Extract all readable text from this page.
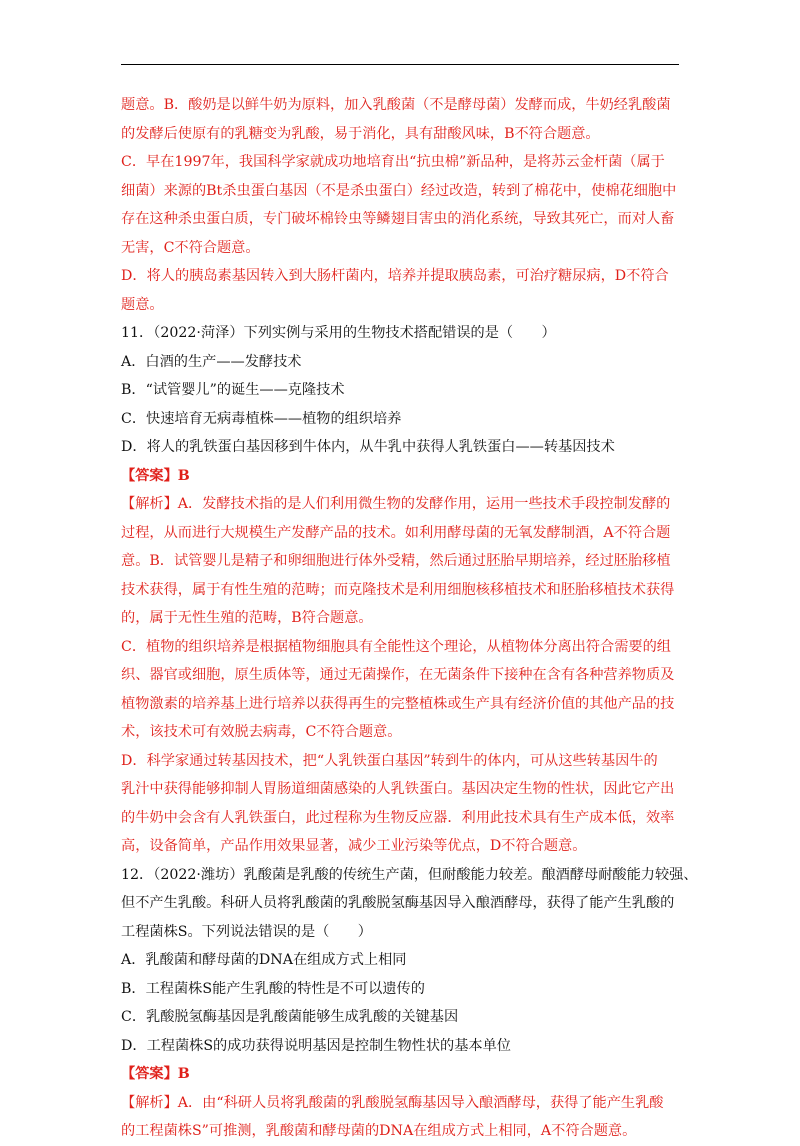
题意。B．酸奶是以鲜牛奶为原料，加入乳酸菌（不是酵母菌）发酵而成，牛奶经乳酸菌
的发酵后使原有的乳糖变为乳酸，易于消化，具有甜酸风味，B不符合题意。
C．早在1997年，我国科学家就成功地培育出“抗虫棉”新品种，是将苏云金杆菌（属于
细菌）来源的Bt杀虫蛋白基因（不是杀虫蛋白）经过改造，转到了棉花中，使棉花细胞中
存在这种杀虫蛋白质，专门破坏棉铃虫等鳞翅目害虫的消化系统，导致其死亡，而对人畜
无害，C不符合题意。
D．将人的胰岛素基因转入到大肠杆菌内，培养并提取胰岛素，可治疗糖尿病，D不符合
题意。
11．（2022·菏泽）下列实例与采用的生物技术搭配错误的是（　　）
A．白酒的生产——发酵技术
B．“试管婴儿”的诞生——克隆技术
C．快速培育无病毒植株——植物的组织培养
D．将人的乳铁蛋白基因移到牛体内，从牛乳中获得人乳铁蛋白——转基因技术
【答案】B
【解析】A．发酵技术指的是人们利用微生物的发酵作用，运用一些技术手段控制发酵的
过程，从而进行大规模生产发酵产品的技术。如利用酵母菌的无氧发酵制酒，A不符合题
意。B．试管婴儿是精子和卵细胞进行体外受精，然后通过胚胎早期培养，经过胚胎移植
技术获得，属于有性生殖的范畴；而克隆技术是利用细胞核移植技术和胚胎移植技术获得
的，属于无性生殖的范畴，B符合题意。
C．植物的组织培养是根据植物细胞具有全能性这个理论，从植物体分离出符合需要的组
织、器官或细胞，原生质体等，通过无菌操作，在无菌条件下接种在含有各种营养物质及
植物激素的培养基上进行培养以获得再生的完整植株或生产具有经济价值的其他产品的技
术，该技术可有效脱去病毒，C不符合题意。
D．科学家通过转基因技术，把“人乳铁蛋白基因”转到牛的体内，可从这些转基因牛的
乳汁中获得能够抑制人胃肠道细菌感染的人乳铁蛋白。基因决定生物的性状，因此它产出
的牛奶中会含有人乳铁蛋白，此过程称为生物反应器．利用此技术具有生产成本低，效率
高，设备简单，产品作用效果显著，减少工业污染等优点，D不符合题意。
12．（2022·潍坊）乳酸菌是乳酸的传统生产菌，但耐酸能力较差。酿酒酵母耐酸能力较强、
但不产生乳酸。科研人员将乳酸菌的乳酸脱氢酶基因导入酿酒酵母，获得了能产生乳酸的
工程菌株S。下列说法错误的是（　　）
A．乳酸菌和酵母菌的DNA在组成方式上相同
B．工程菌株S能产生乳酸的特性是不可以遗传的
C．乳酸脱氢酶基因是乳酸菌能够生成乳酸的关键基因
D．工程菌株S的成功获得说明基因是控制生物性状的基本单位
【答案】B
【解析】A．由“科研人员将乳酸菌的乳酸脱氢酶基因导入酿酒酵母，获得了能产生乳酸
的工程菌株S”可推测，乳酸菌和酵母菌的DNA在组成方式上相同，A不符合题意。
